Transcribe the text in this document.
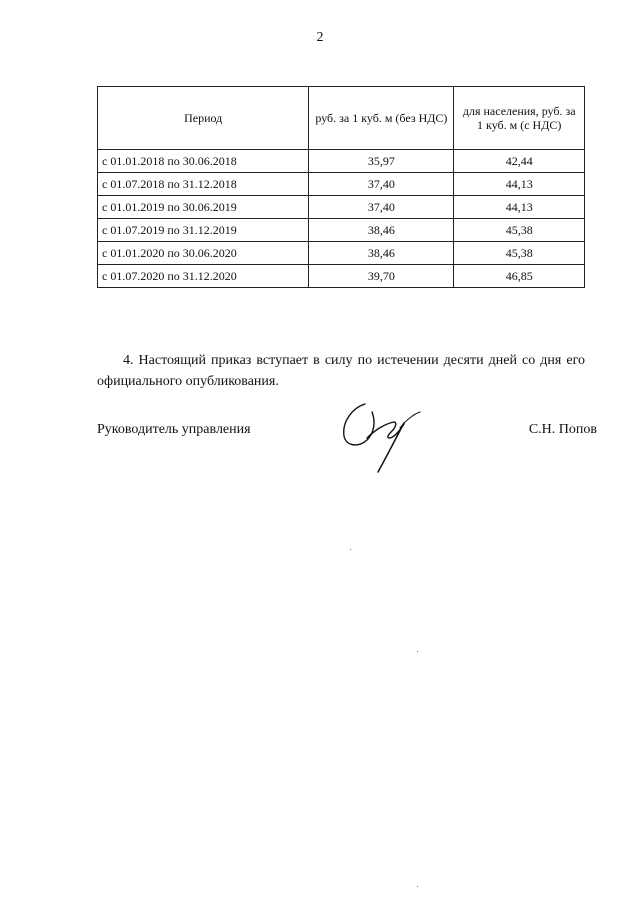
2
Период	руб. за 1 куб. м (без НДС)	для населения, руб. за 1 куб. м (с НДС)
с 01.01.2018 по 30.06.2018	35,97	42,44
с 01.07.2018 по 31.12.2018	37,40	44,13
с 01.01.2019 по 30.06.2019	37,40	44,13
с 01.07.2019 по 31.12.2019	38,46	45,38
с 01.01.2020 по 30.06.2020	38,46	45,38
с 01.07.2020 по 31.12.2020	39,70	46,85
4. Настоящий приказ вступает в силу по истечении десяти дней со дня его официального опубликования.
Руководитель управления	С.Н. Попов
